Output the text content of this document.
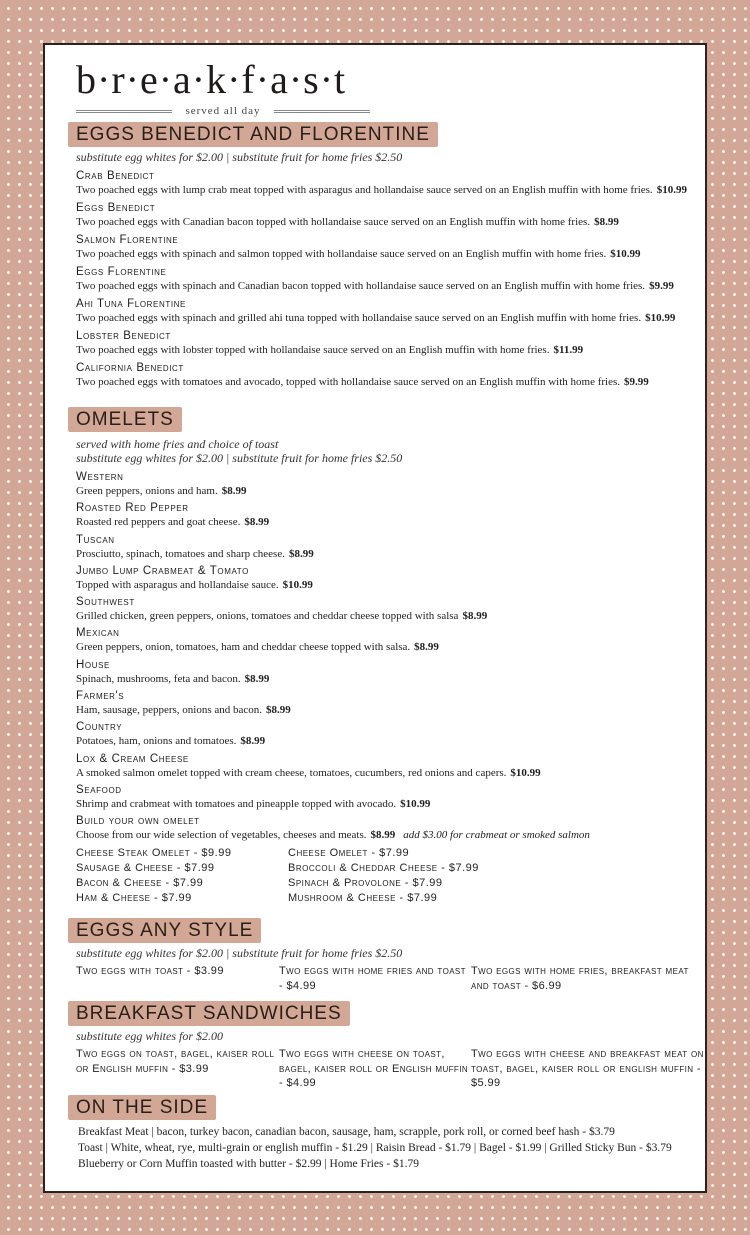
b·r·e·a·k·f·a·s·t
served all day
EGGS BENEDICT AND FLORENTINE
substitute egg whites for $2.00 | substitute fruit for home fries $2.50
Crab Benedict
Two poached eggs with lump crab meat topped with asparagus and hollandaise sauce served on an English muffin with home fries. $10.99
Eggs Benedict
Two poached eggs with Canadian bacon topped with hollandaise sauce served on an English muffin with home fries. $8.99
Salmon Florentine
Two poached eggs with spinach and salmon topped with hollandaise sauce served on an English muffin with home fries. $10.99
Eggs Florentine
Two poached eggs with spinach and Canadian bacon topped with hollandaise sauce served on an English muffin with home fries. $9.99
Ahi Tuna Florentine
Two poached eggs with spinach and grilled ahi tuna topped with hollandaise sauce served on an English muffin with home fries. $10.99
Lobster Benedict
Two poached eggs with lobster topped with hollandaise sauce served on an English muffin with home fries. $11.99
California Benedict
Two poached eggs with tomatoes and avocado, topped with hollandaise sauce served on an English muffin with home fries. $9.99
OMELETS
served with home fries and choice of toast
substitute egg whites for $2.00 | substitute fruit for home fries $2.50
Western
Green peppers, onions and ham. $8.99
Roasted Red Pepper
Roasted red peppers and goat cheese. $8.99
Tuscan
Prosciutto, spinach, tomatoes and sharp cheese. $8.99
Jumbo Lump Crabmeat & Tomato
Topped with asparagus and hollandaise sauce. $10.99
Southwest
Grilled chicken, green peppers, onions, tomatoes and cheddar cheese topped with salsa $8.99
Mexican
Green peppers, onion, tomatoes, ham and cheddar cheese topped with salsa. $8.99
House
Spinach, mushrooms, feta and bacon. $8.99
Farmer's
Ham, sausage, peppers, onions and bacon. $8.99
Country
Potatoes, ham, onions and tomatoes. $8.99
Lox & Cream Cheese
A smoked salmon omelet topped with cream cheese, tomatoes, cucumbers, red onions and capers. $10.99
Seafood
Shrimp and crabmeat with tomatoes and pineapple topped with avocado. $10.99
Build your own omelet
Choose from our wide selection of vegetables, cheeses and meats. $8.99 add $3.00 for crabmeat or smoked salmon
Cheese Steak Omelet - $9.99	Cheese Omelet - $7.99
Sausage & Cheese - $7.99	Broccoli & Cheddar Cheese - $7.99
Bacon & Cheese - $7.99	Spinach & Provolone - $7.99
Ham & Cheese - $7.99	Mushroom & Cheese - $7.99
EGGS ANY STYLE
substitute egg whites for $2.00 | substitute fruit for home fries $2.50
Two eggs with toast - $3.99	Two eggs with home fries and toast - $4.99
Two eggs with home fries, breakfast meat and toast - $6.99
BREAKFAST SANDWICHES
substitute egg whites for $2.00
Two eggs on toast, bagel, kaiser roll or English muffin - $3.99
Two eggs with cheese on toast, bagel, kaiser roll or English muffin - $4.99
Two eggs with cheese and breakfast meat on toast, bagel, kaiser roll or english muffin - $5.99
ON THE SIDE

Breakfast Meat | bacon, turkey bacon, canadian bacon, sausage, ham, scrapple, pork roll, or corned beef hash - $3.79

Toast | White, wheat, rye, multi-grain or english muffin - $1.29 | Raisin Bread - $1.79 | Bagel - $1.99 | Grilled Sticky Bun - $3.79

Blueberry or Corn Muffin toasted with butter - $2.99 | Home Fries - $1.79
